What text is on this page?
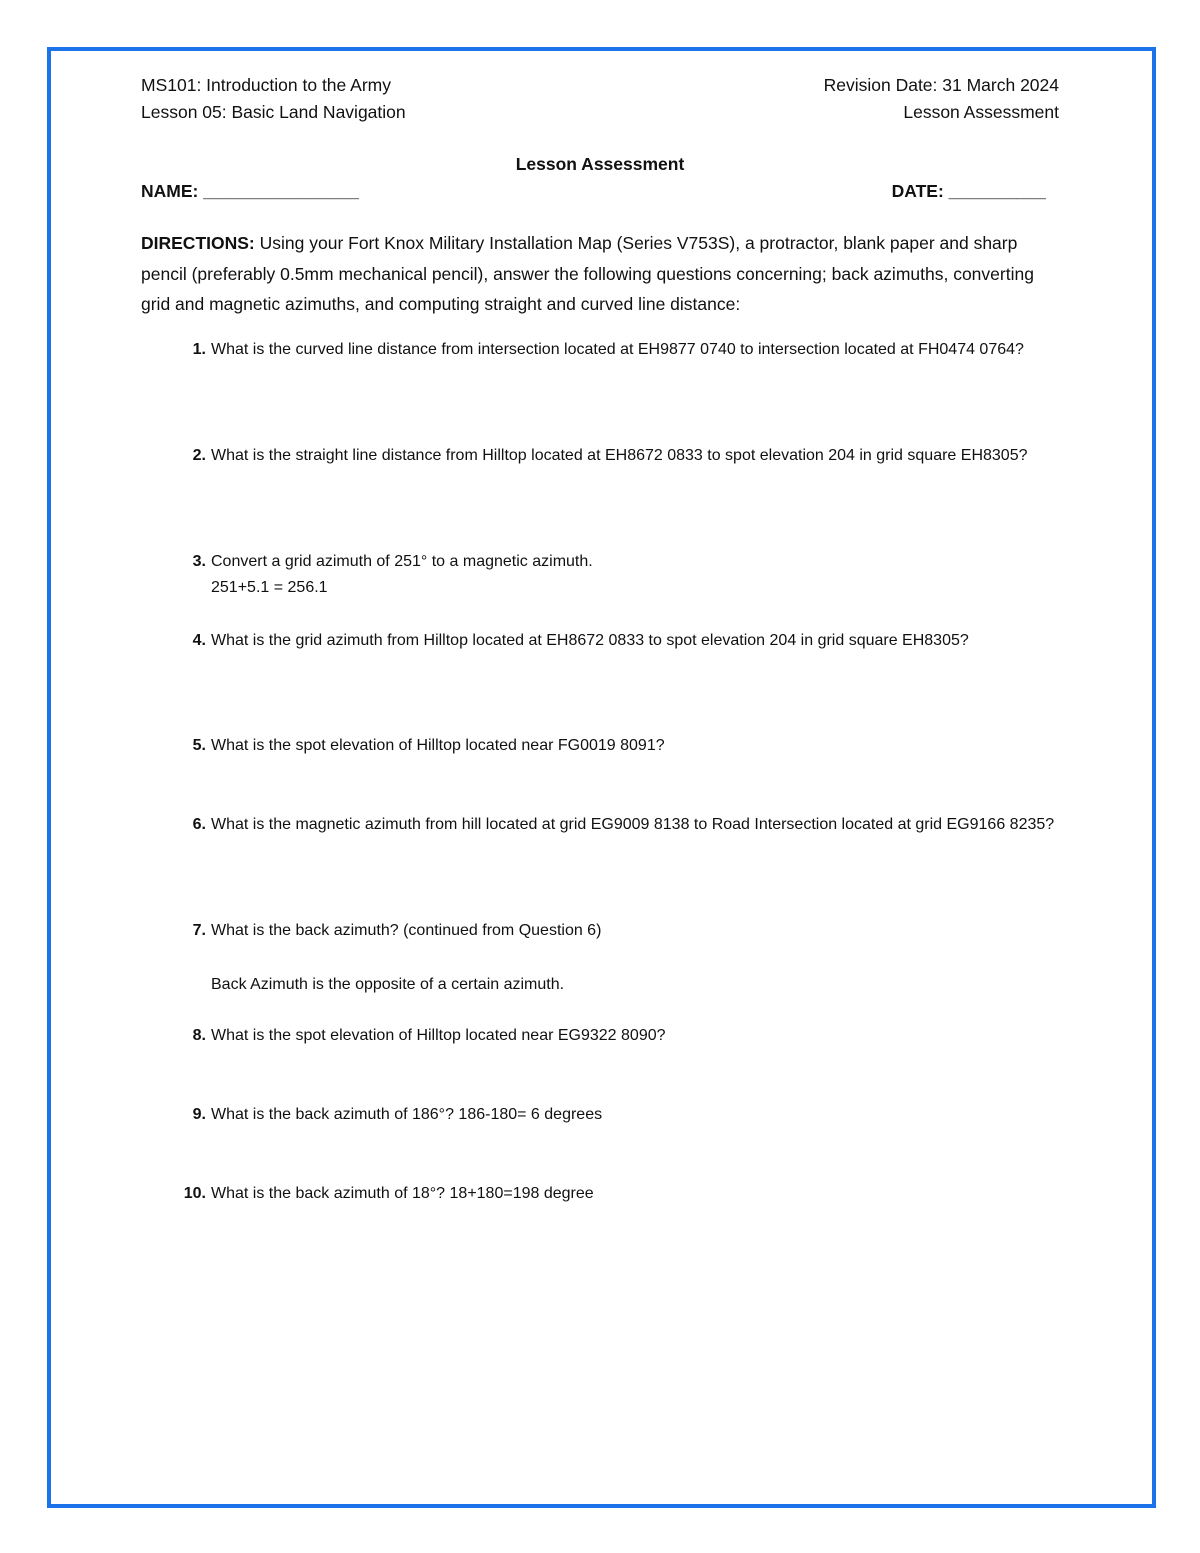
MS101: Introduction to the Army
Lesson 05: Basic Land Navigation
Revision Date: 31 March 2024
Lesson Assessment
Lesson Assessment
NAME: ________________	DATE: __________
DIRECTIONS: Using your Fort Knox Military Installation Map (Series V753S), a protractor, blank paper and sharp pencil (preferably 0.5mm mechanical pencil), answer the following questions concerning; back azimuths, converting grid and magnetic azimuths, and computing straight and curved line distance:
1. What is the curved line distance from intersection located at EH9877 0740 to intersection located at FH0474 0764?
2. What is the straight line distance from Hilltop located at EH8672 0833 to spot elevation 204 in grid square EH8305?
3. Convert a grid azimuth of 251° to a magnetic azimuth.
251+5.1 = 256.1
4. What is the grid azimuth from Hilltop located at EH8672 0833 to spot elevation 204 in grid square EH8305?
5. What is the spot elevation of Hilltop located near FG0019 8091?
6. What is the magnetic azimuth from hill located at grid EG9009 8138 to Road Intersection located at grid EG9166 8235?
7. What is the back azimuth? (continued from Question 6)
Back Azimuth is the opposite of a certain azimuth.
8. What is the spot elevation of Hilltop located near EG9322 8090?
9. What is the back azimuth of 186°? 186-180= 6 degrees
10. What is the back azimuth of 18°? 18+180=198 degree
